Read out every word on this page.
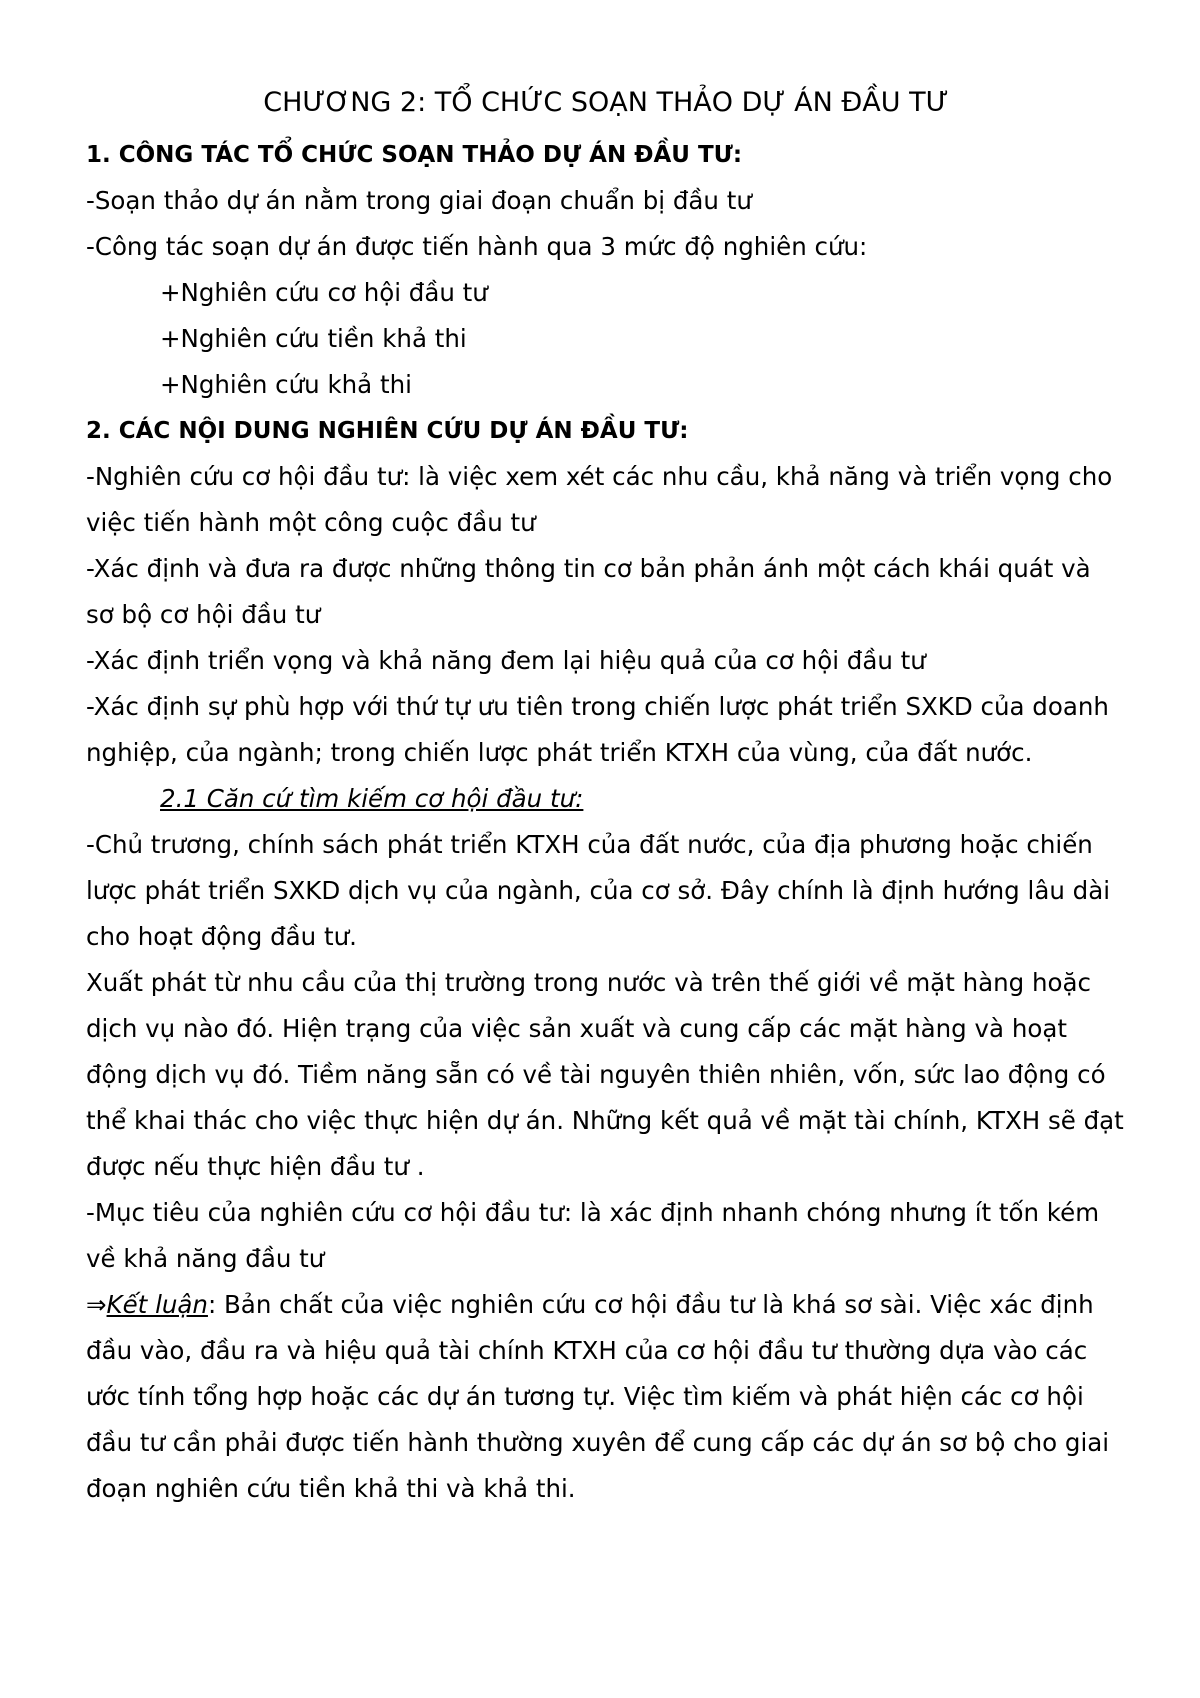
CHƯƠNG 2: TỔ CHỨC SOẠN THẢO DỰ ÁN ĐẦU TƯ

1. CÔNG TÁC TỔ CHỨC SOẠN THẢO DỰ ÁN ĐẦU TƯ:

-Soạn thảo dự án nằm trong giai đoạn chuẩn bị đầu tư

-Công tác soạn dự án được tiến hành qua 3 mức độ nghiên cứu:

+Nghiên cứu cơ hội đầu tư

+Nghiên cứu tiền khả thi

+Nghiên cứu khả thi

2. CÁC NỘI DUNG NGHIÊN CỨU DỰ ÁN ĐẦU TƯ:

-Nghiên cứu cơ hội đầu tư: là việc xem xét các nhu cầu, khả năng và triển vọng cho việc tiến hành một công cuộc đầu tư

-Xác định và đưa ra được những thông tin cơ bản phản ánh một cách khái quát và sơ bộ cơ hội đầu tư

-Xác định triển vọng và khả năng đem lại hiệu quả của cơ hội đầu tư

-Xác định sự phù hợp với thứ tự ưu tiên trong chiến lược phát triển SXKD của doanh nghiệp, của ngành; trong chiến lược phát triển KTXH của vùng, của đất nước.

2.1 Căn cứ tìm kiếm cơ hội đầu tư:

-Chủ trương, chính sách phát triển KTXH của đất nước, của địa phương hoặc chiến lược phát triển SXKD dịch vụ của ngành, của cơ sở. Đây chính là định hướng lâu dài cho hoạt động đầu tư.

Xuất phát từ nhu cầu của thị trường trong nước và trên thế giới về mặt hàng hoặc dịch vụ nào đó. Hiện trạng của việc sản xuất và cung cấp các mặt hàng và hoạt động dịch vụ đó. Tiềm năng sẵn có về tài nguyên thiên nhiên, vốn, sức lao động có thể khai thác cho việc thực hiện dự án. Những kết quả về mặt tài chính, KTXH sẽ đạt được nếu thực hiện đầu tư .

-Mục tiêu của nghiên cứu cơ hội đầu tư: là xác định nhanh chóng nhưng ít tốn kém về khả năng đầu tư

⇒Kết luận: Bản chất của việc nghiên cứu cơ hội đầu tư là khá sơ sài. Việc xác định đầu vào, đầu ra và hiệu quả tài chính KTXH của cơ hội đầu tư thường dựa vào các ước tính tổng hợp hoặc các dự án tương tự. Việc tìm kiếm và phát hiện các cơ hội đầu tư cần phải được tiến hành thường xuyên để cung cấp các dự án sơ bộ cho giai đoạn nghiên cứu tiền khả thi và khả thi.
